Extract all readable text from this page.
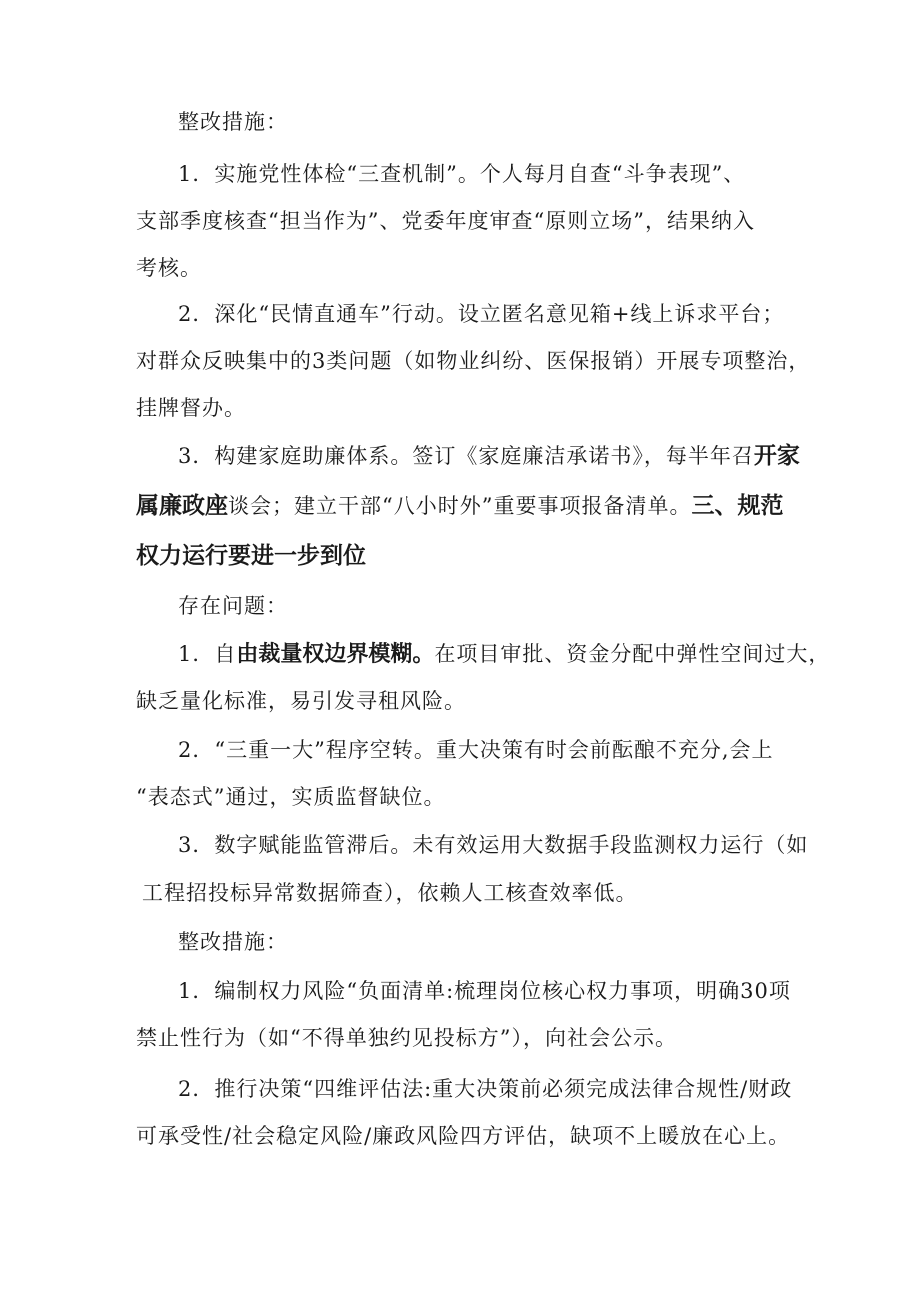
整改措施：
1．实施党性体检“三查机制”。个人每月自查“斗争表现”、
支部季度核查“担当作为”、党委年度审查“原则立场”，结果纳入
考核。
2．深化“民情直通车”行动。设立匿名意见箱+线上诉求平台；
对群众反映集中的3类问题（如物业纠纷、医保报销）开展专项整治，
挂牌督办。
3．构建家庭助廉体系。签订《家庭廉洁承诺书》，每半年召开家
属廉政座谈会；建立干部“八小时外”重要事项报备清单。三、规范
权力运行要进一步到位
存在问题：
1．自由裁量权边界模糊。在项目审批、资金分配中弹性空间过大，
缺乏量化标准，易引发寻租风险。
2．“三重一大”程序空转。重大决策有时会前酝酿不充分,会上
“表态式”通过，实质监督缺位。
3．数字赋能监管滞后。未有效运用大数据手段监测权力运行（如
工程招投标异常数据筛查），依赖人工核查效率低。
整改措施：
1．编制权力风险“负面清单:梳理岗位核心权力事项，明确30项
禁止性行为（如“不得单独约见投标方”），向社会公示。
2．推行决策“四维评估法:重大决策前必须完成法律合规性/财政
可承受性/社会稳定风险/廉政风险四方评估，缺项不上暖放在心上。
